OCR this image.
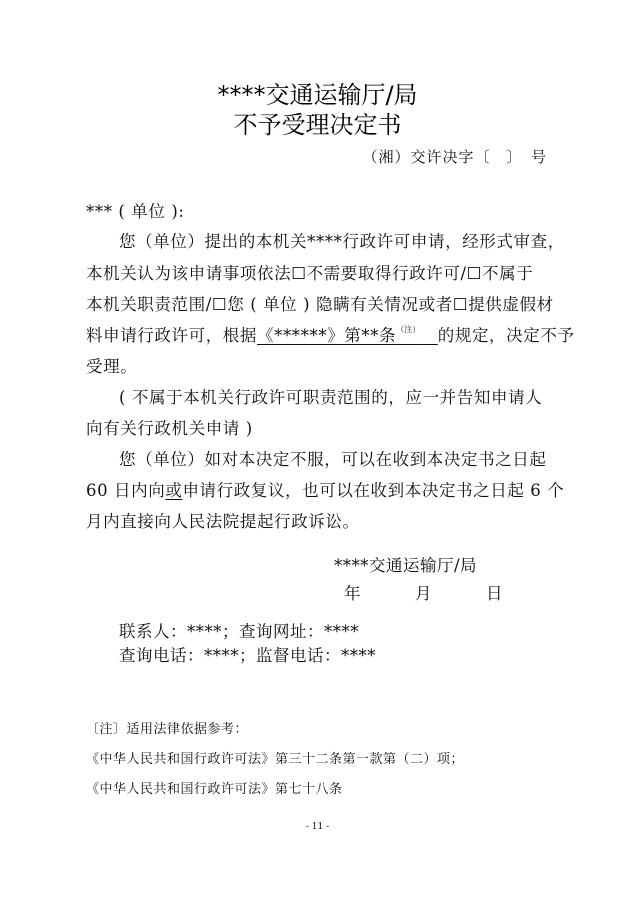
****交通运输厅/局
不予受理决定书
（湘）交许决字〔　〕　号
*** ( 单位 ):
您（单位）提出的本机关****行政许可申请，经形式审查，
本机关认为该申请事项依法☐不需要取得行政许可/☐不属于
本机关职责范围/☐您 ( 单位 ) 隐瞒有关情况或者☐提供虚假材
料申请行政许可，根据《******》第**条$^{(注)}$ 的规定，决定不予
受理。
( 不属于本机关行政许可职责范围的，应一并告知申请人
向有关行政机关申请 )
您（单位）如对本决定不服，可以在收到本决定书之日起
60 日内向或申请行政复议，也可以在收到本决定书之日起 6 个
月内直接向人民法院提起行政诉讼。
****交通运输厅/局
年	月	日
联系人：****；查询网址：****
查询电话：****；监督电话：****
〔注〕适用法律依据参考：
《中华人民共和国行政许可法》第三十二条第一款第（二）项；
《中华人民共和国行政许可法》第七十八条
- 11 -
